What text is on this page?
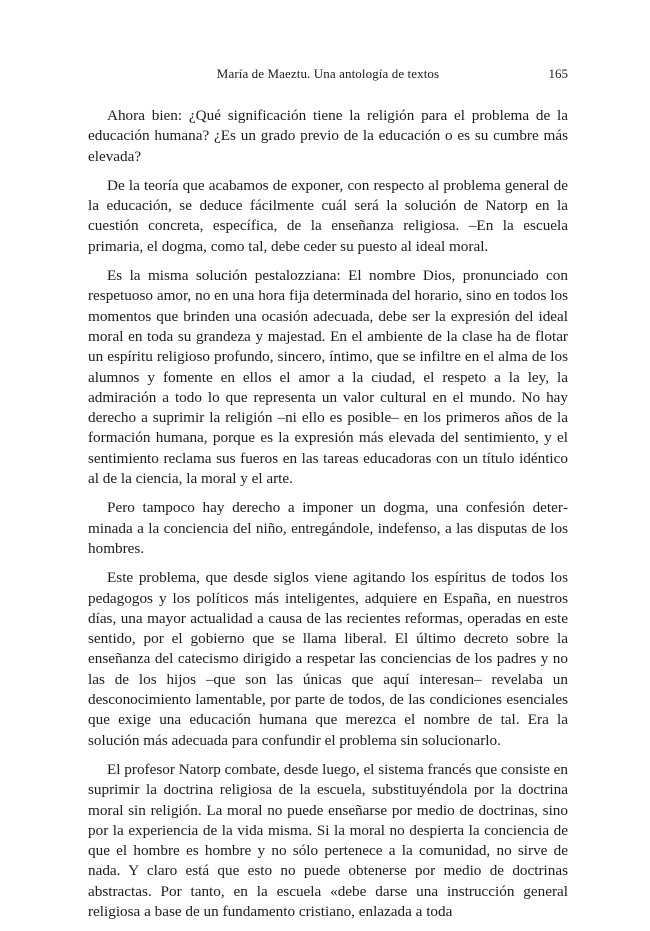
María de Maeztu. Una antología de textos	165

Ahora bien: ¿Qué significación tiene la religión para el problema de la educación humana? ¿Es un grado previo de la educación o es su cumbre más elevada?

De la teoría que acabamos de exponer, con respecto al problema general de la educación, se deduce fácilmente cuál será la solución de Natorp en la cuestión concreta, específica, de la enseñanza religiosa. –En la escuela primaria, el dogma, como tal, debe ceder su puesto al ideal moral.

Es la misma solución pestalozziana: El nombre Dios, pronunciado con respetuoso amor, no en una hora fija determinada del horario, sino en todos los momentos que brinden una ocasión adecuada, debe ser la expresión del ideal moral en toda su grandeza y majestad. En el ambiente de la clase ha de flotar un espíritu religioso profundo, sincero, íntimo, que se infiltre en el alma de los alumnos y fomente en ellos el amor a la ciudad, el respeto a la ley, la admiración a todo lo que representa un valor cultural en el mundo. No hay derecho a suprimir la religión –ni ello es posible– en los primeros años de la formación humana, porque es la expresión más elevada del sentimiento, y el sentimiento reclama sus fueros en las tareas educadoras con un título idéntico al de la ciencia, la moral y el arte.

Pero tampoco hay derecho a imponer un dogma, una confesión determinada a la conciencia del niño, entregándole, indefenso, a las disputas de los hombres.

Este problema, que desde siglos viene agitando los espíritus de todos los pedagogos y los políticos más inteligentes, adquiere en España, en nuestros días, una mayor actualidad a causa de las recientes reformas, operadas en este sentido, por el gobierno que se llama liberal. El último decreto sobre la enseñanza del catecismo dirigido a respetar las conciencias de los padres y no las de los hijos –que son las únicas que aquí interesan– revelaba un desconocimiento lamentable, por parte de todos, de las condiciones esenciales que exige una educación humana que merezca el nombre de tal. Era la solución más adecuada para confundir el problema sin solucionarlo.

El profesor Natorp combate, desde luego, el sistema francés que consiste en suprimir la doctrina religiosa de la escuela, substituyéndola por la doctrina moral sin religión. La moral no puede enseñarse por medio de doctrinas, sino por la experiencia de la vida misma. Si la moral no despierta la conciencia de que el hombre es hombre y no sólo pertenece a la comunidad, no sirve de nada. Y claro está que esto no puede obtenerse por medio de doctrinas abstractas. Por tanto, en la escuela «debe darse una instrucción general religiosa a base de un fundamento cristiano, enlazada a toda
